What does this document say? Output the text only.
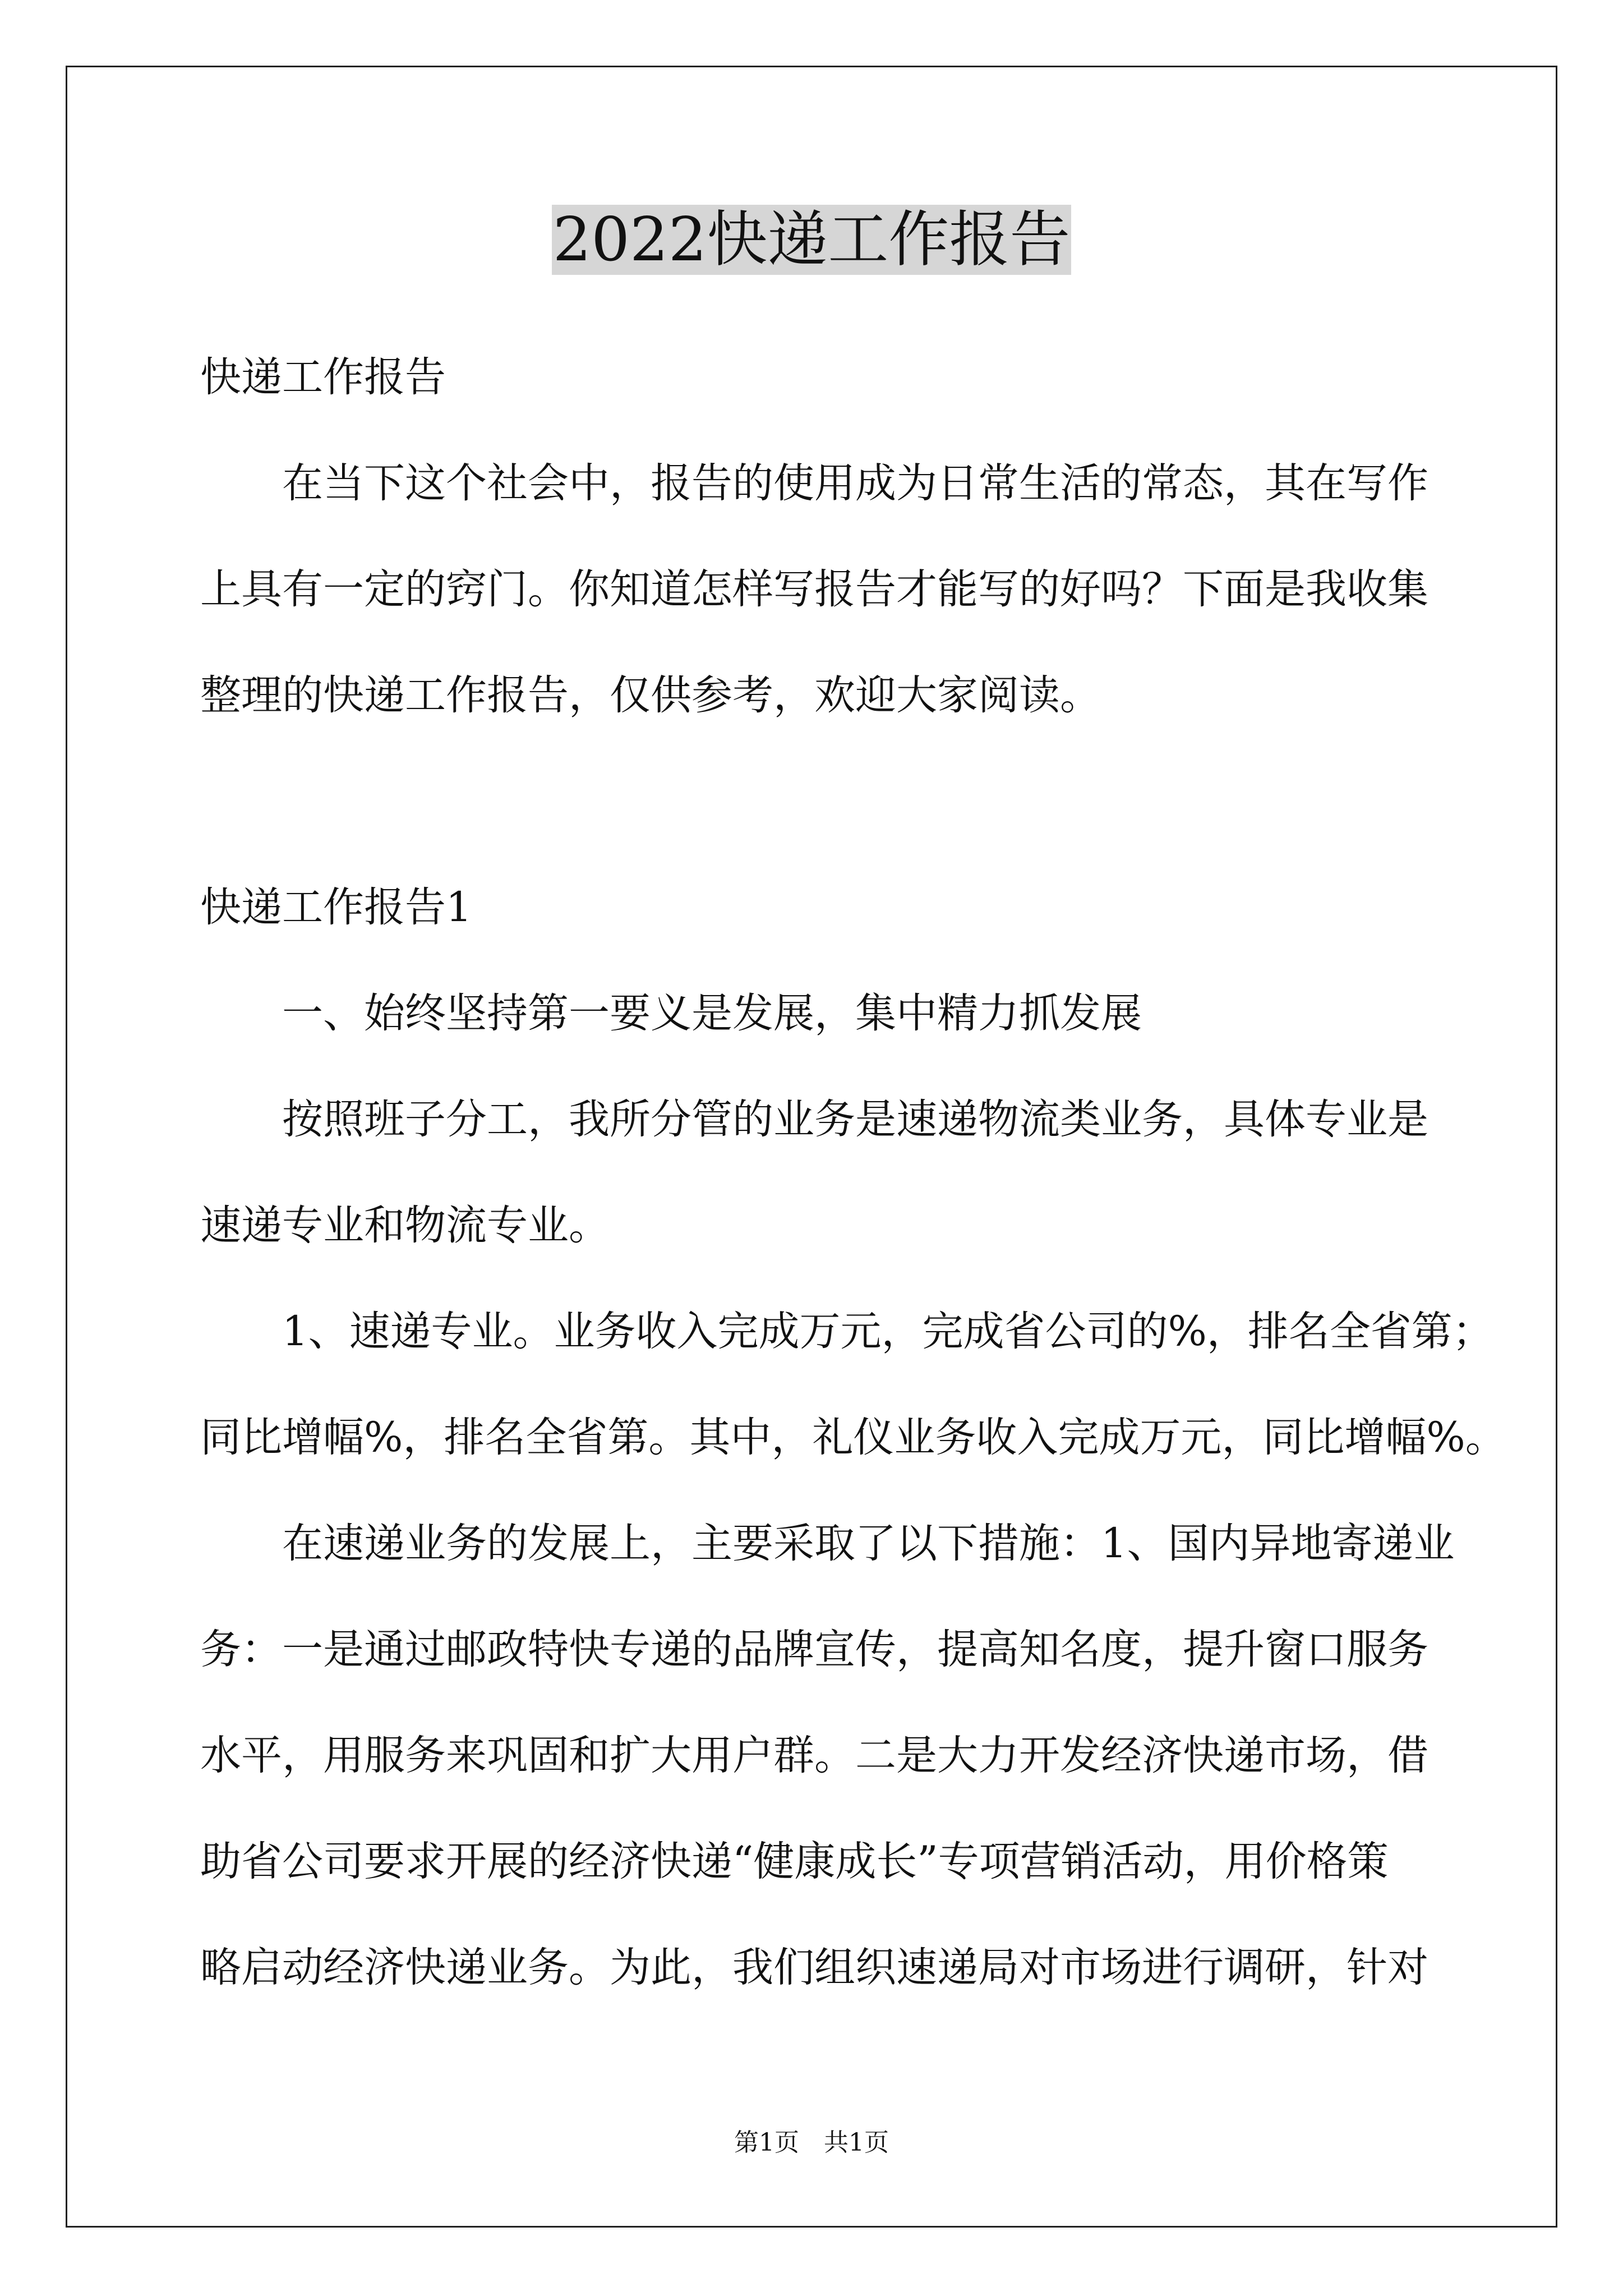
2022快递工作报告
快递工作报告
在当下这个社会中，报告的使用成为日常生活的常态，其在写作
上具有一定的窍门。你知道怎样写报告才能写的好吗？下面是我收集
整理的快递工作报告，仅供参考，欢迎大家阅读。
快递工作报告1
一、始终坚持第一要义是发展，集中精力抓发展
按照班子分工，我所分管的业务是速递物流类业务，具体专业是
速递专业和物流专业。
1、速递专业。业务收入完成万元，完成省公司的%，排名全省第；
同比增幅%，排名全省第。其中，礼仪业务收入完成万元，同比增幅%。
在速递业务的发展上，主要采取了以下措施：1、国内异地寄递业
务：一是通过邮政特快专递的品牌宣传，提高知名度，提升窗口服务
水平，用服务来巩固和扩大用户群。二是大力开发经济快递市场，借
助省公司要求开展的经济快递“健康成长”专项营销活动，用价格策
略启动经济快递业务。为此，我们组织速递局对市场进行调研，针对
第1页 共1页
